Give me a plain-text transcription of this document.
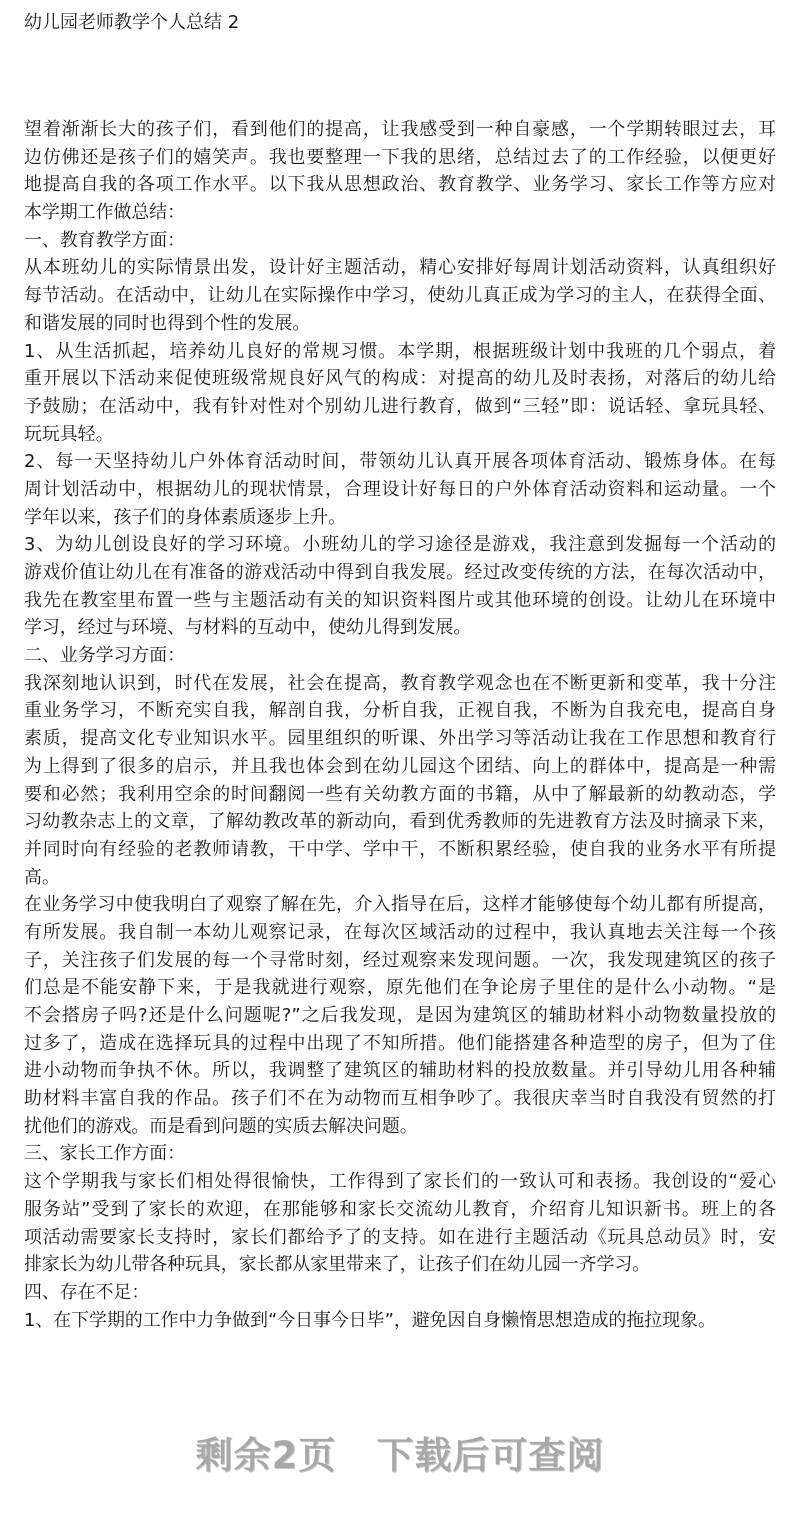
幼儿园老师教学个人总结 2
望着渐渐长大的孩子们，看到他们的提高，让我感受到一种自豪感，一个学期转眼过去，耳
边仿佛还是孩子们的嬉笑声。我也要整理一下我的思绪，总结过去了的工作经验，以便更好
地提高自我的各项工作水平。以下我从思想政治、教育教学、业务学习、家长工作等方应对
本学期工作做总结：
一、教育教学方面：
从本班幼儿的实际情景出发，设计好主题活动，精心安排好每周计划活动资料，认真组织好
每节活动。在活动中，让幼儿在实际操作中学习，使幼儿真正成为学习的主人，在获得全面、
和谐发展的同时也得到个性的发展。
1、从生活抓起，培养幼儿良好的常规习惯。本学期，根据班级计划中我班的几个弱点，着
重开展以下活动来促使班级常规良好风气的构成：对提高的幼儿及时表扬，对落后的幼儿给
予鼓励；在活动中，我有针对性对个别幼儿进行教育，做到“三轻”即：说话轻、拿玩具轻、
玩玩具轻。
2、每一天坚持幼儿户外体育活动时间，带领幼儿认真开展各项体育活动、锻炼身体。在每
周计划活动中，根据幼儿的现状情景，合理设计好每日的户外体育活动资料和运动量。一个
学年以来，孩子们的身体素质逐步上升。
3、为幼儿创设良好的学习环境。小班幼儿的学习途径是游戏，我注意到发掘每一个活动的
游戏价值让幼儿在有准备的游戏活动中得到自我发展。经过改变传统的方法，在每次活动中，
我先在教室里布置一些与主题活动有关的知识资料图片或其他环境的创设。让幼儿在环境中
学习，经过与环境、与材料的互动中，使幼儿得到发展。
二、业务学习方面：
我深刻地认识到，时代在发展，社会在提高，教育教学观念也在不断更新和变革，我十分注
重业务学习，不断充实自我，解剖自我，分析自我，正视自我，不断为自我充电，提高自身
素质，提高文化专业知识水平。园里组织的听课、外出学习等活动让我在工作思想和教育行
为上得到了很多的启示，并且我也体会到在幼儿园这个团结、向上的群体中，提高是一种需
要和必然；我利用空余的时间翻阅一些有关幼教方面的书籍，从中了解最新的幼教动态，学
习幼教杂志上的文章，了解幼教改革的新动向，看到优秀教师的先进教育方法及时摘录下来，
并同时向有经验的老教师请教，干中学、学中干，不断积累经验，使自我的业务水平有所提
高。
在业务学习中使我明白了观察了解在先，介入指导在后，这样才能够使每个幼儿都有所提高，
有所发展。我自制一本幼儿观察记录，在每次区域活动的过程中，我认真地去关注每一个孩
子，关注孩子们发展的每一个寻常时刻，经过观察来发现问题。一次，我发现建筑区的孩子
们总是不能安静下来，于是我就进行观察，原先他们在争论房子里住的是什么小动物。“是
不会搭房子吗?还是什么问题呢?”之后我发现，是因为建筑区的辅助材料小动物数量投放的
过多了，造成在选择玩具的过程中出现了不知所措。他们能搭建各种造型的房子，但为了住
进小动物而争执不休。所以，我调整了建筑区的辅助材料的投放数量。并引导幼儿用各种辅
助材料丰富自我的作品。孩子们不在为动物而互相争吵了。我很庆幸当时自我没有贸然的打
扰他们的游戏。而是看到问题的实质去解决问题。
三、家长工作方面：
这个学期我与家长们相处得很愉快，工作得到了家长们的一致认可和表扬。我创设的“爱心
服务站”受到了家长的欢迎，在那能够和家长交流幼儿教育，介绍育儿知识新书。班上的各
项活动需要家长支持时，家长们都给予了的支持。如在进行主题活动《玩具总动员》时，安
排家长为幼儿带各种玩具，家长都从家里带来了，让孩子们在幼儿园一齐学习。
四、存在不足：
1、在下学期的工作中力争做到“今日事今日毕”，避免因自身懒惰思想造成的拖拉现象。
剩余2页 下载后可查阅
